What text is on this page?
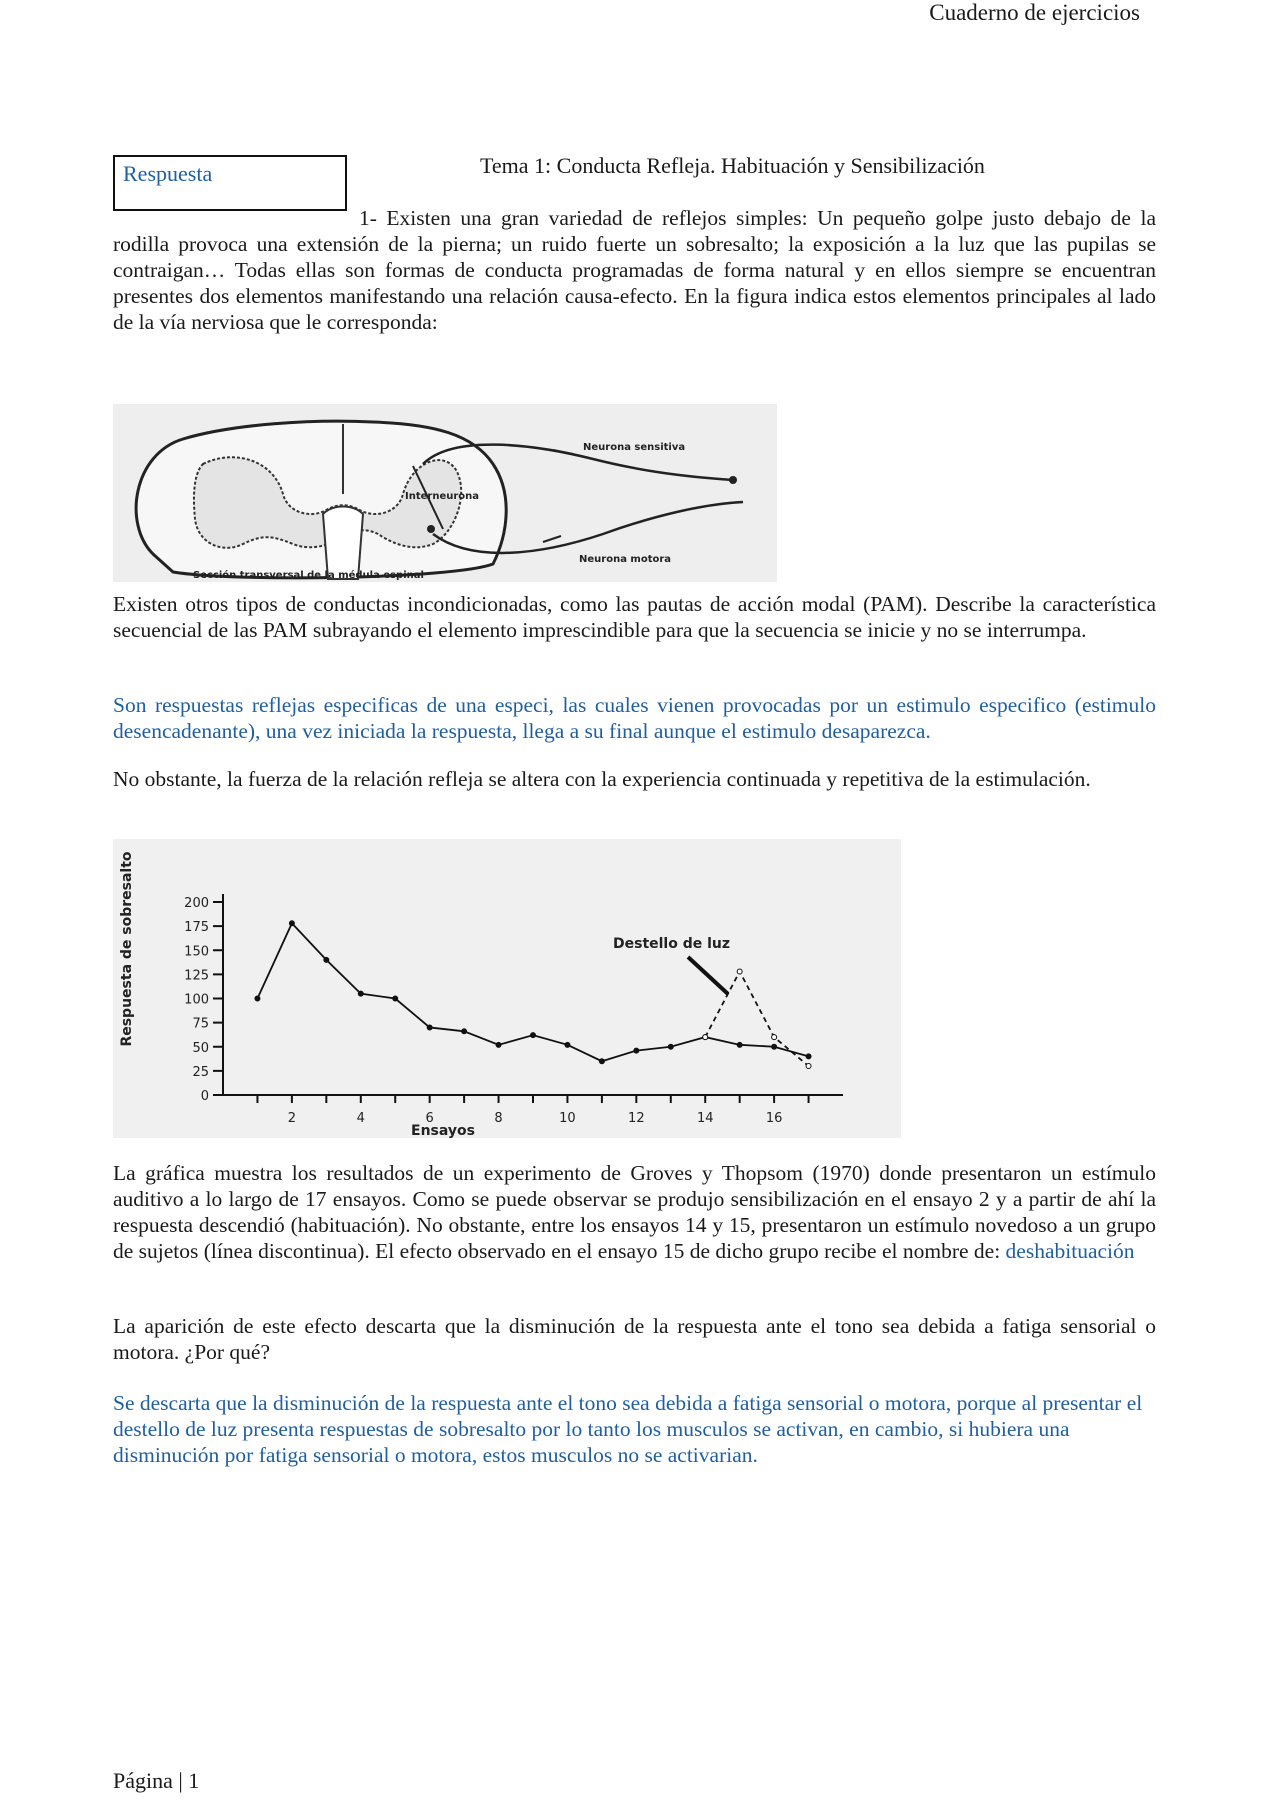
Cuaderno de ejercicios
Respuesta	Tema 1: Conducta Refleja. Habituación y Sensibilización

1- Existen una gran variedad de reflejos simples: Un pequeño golpe justo debajo de la rodilla provoca una extensión de la pierna; un ruido fuerte un sobresalto; la exposición a la luz que las pupilas se contraigan… Todas ellas son formas de conducta programadas de forma natural y en ellos siempre se encuentran presentes dos elementos manifestando una relación causa-efecto. En la figura indica estos elementos principales al lado de la vía nerviosa que le corresponda:

Neurona sensitiva
Interneurona
Neurona motora
Sección transversal de la médula espinal

Existen otros tipos de conductas incondicionadas, como las pautas de acción modal (PAM). Describe la característica secuencial de las PAM subrayando el elemento imprescindible para que la secuencia se inicie y no se interrumpa.

Son respuestas reflejas especificas de una especi, las cuales vienen provocadas por un estimulo especifico (estimulo desencadenante), una vez iniciada la respuesta, llega a su final aunque el estimulo desaparezca.

No obstante, la fuerza de la relación refleja se altera con la experiencia continuada y repetitiva de la estimulación.

0
25
50
75
100
125
150
175
200
2	4	6	8	10	12	14	16
Respuesta de sobresalto
Ensayos
Destello de luz

La gráfica muestra los resultados de un experimento de Groves y Thopsom (1970) donde presentaron un estímulo auditivo a lo largo de 17 ensayos. Como se puede observar se produjo sensibilización en el ensayo 2 y a partir de ahí la respuesta descendió (habituación). No obstante, entre los ensayos 14 y 15, presentaron un estímulo novedoso a un grupo de sujetos (línea discontinua). El efecto observado en el ensayo 15 de dicho grupo recibe el nombre de: deshabituación

La aparición de este efecto descarta que la disminución de la respuesta ante el tono sea debida a fatiga sensorial o motora. ¿Por qué?

Se descarta que la disminución de la respuesta ante el tono sea debida a fatiga sensorial o motora, porque al presentar el destello de luz presenta respuestas de sobresalto por lo tanto los musculos se activan, en cambio, si hubiera una disminución por fatiga sensorial o motora, estos musculos no se activarian.

Página | 1
